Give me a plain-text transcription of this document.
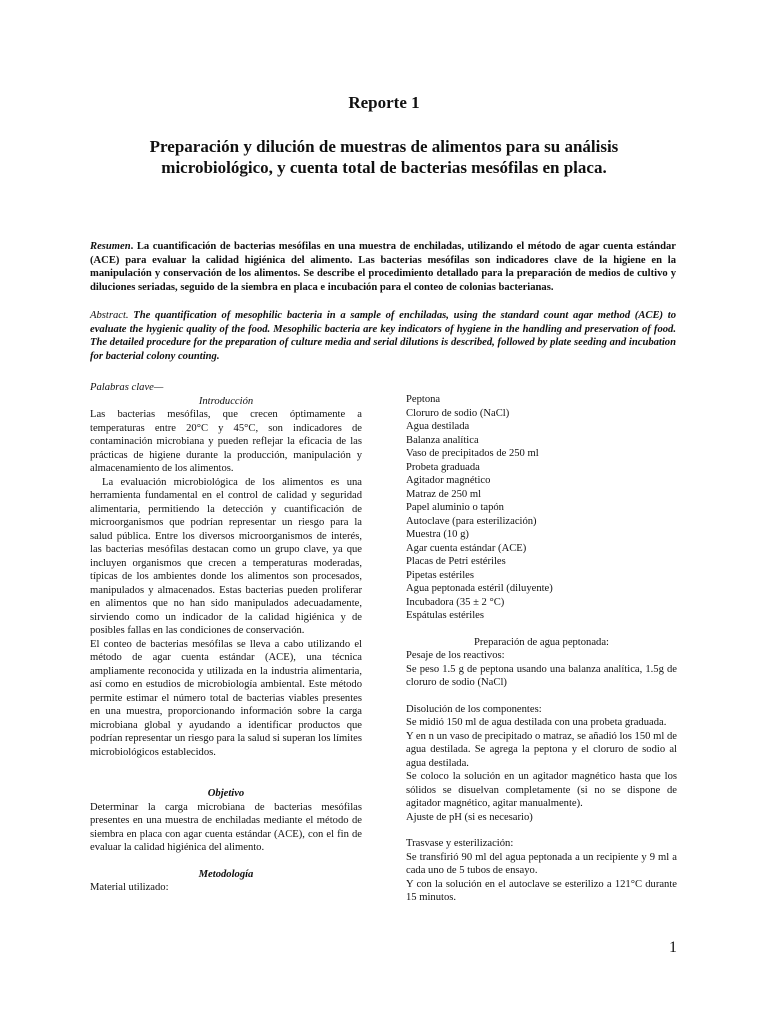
Reporte 1
Preparación y dilución de muestras de alimentos para su análisis microbiológico, y cuenta total de bacterias mesófilas en placa.

Resumen. La cuantificación de bacterias mesófilas en una muestra de enchiladas, utilizando el método de agar cuenta estándar (ACE) para evaluar la calidad higiénica del alimento. Las bacterias mesófilas son indicadores clave de la higiene en la manipulación y conservación de los alimentos. Se describe el procedimiento detallado para la preparación de medios de cultivo y diluciones seriadas, seguido de la siembra en placa e incubación para el conteo de colonias bacterianas.

Abstract. The quantification of mesophilic bacteria in a sample of enchiladas, using the standard count agar method (ACE) to evaluate the hygienic quality of the food. Mesophilic bacteria are key indicators of hygiene in the handling and preservation of food. The detailed procedure for the preparation of culture media and serial dilutions is described, followed by plate seeding and incubation for bacterial colony counting.

Palabras clave—

Introducción

Las bacterias mesófilas, que crecen óptimamente a temperaturas entre 20°C y 45°C, son indicadores de contaminación microbiana y pueden reflejar la eficacia de las prácticas de higiene durante la producción, manipulación y almacenamiento de los alimentos.

La evaluación microbiológica de los alimentos es una herramienta fundamental en el control de calidad y seguridad alimentaria, permitiendo la detección y cuantificación de microorganismos que podrían representar un riesgo para la salud pública. Entre los diversos microorganismos de interés, las bacterias mesófilas destacan como un grupo clave, ya que incluyen organismos que crecen a temperaturas moderadas, típicas de los ambientes donde los alimentos son procesados, manipulados y almacenados. Estas bacterias pueden proliferar en alimentos que no han sido manipulados adecuadamente, sirviendo como un indicador de la calidad higiénica y de posibles fallas en las condiciones de conservación.

El conteo de bacterias mesófilas se lleva a cabo utilizando el método de agar cuenta estándar (ACE), una técnica ampliamente reconocida y utilizada en la industria alimentaria, así como en estudios de microbiología ambiental. Este método permite estimar el número total de bacterias viables presentes en una muestra, proporcionando información sobre la carga microbiana global y ayudando a identificar productos que podrían representar un riesgo para la salud si superan los límites microbiológicos establecidos.

Objetivo

Determinar la carga microbiana de bacterias mesófilas presentes en una muestra de enchiladas mediante el método de siembra en placa con agar cuenta estándar (ACE), con el fin de evaluar la calidad higiénica del alimento.

Metodología

Material utilizado:

Peptona
Cloruro de sodio (NaCl)
Agua destilada
Balanza analítica
Vaso de precipitados de 250 ml
Probeta graduada
Agitador magnético
Matraz de 250 ml
Papel aluminio o tapón
Autoclave (para esterilización)
Muestra (10 g)
Agar cuenta estándar (ACE)
Placas de Petri estériles
Pipetas estériles
Agua peptonada estéril (diluyente)
Incubadora (35 ± 2 °C)
Espátulas estériles

Preparación de agua peptonada:

Pesaje de los reactivos:

Se peso 1.5 g de peptona usando una balanza analítica, 1.5g de cloruro de sodio (NaCl)

Disolución de los componentes:

Se midió 150 ml de agua destilada con una probeta graduada.

Y en n un vaso de precipitado o matraz, se añadió los 150 ml de agua destilada. Se agrega la peptona y el cloruro de sodio al agua destilada.

Se coloco la solución en un agitador magnético hasta que los sólidos se disuelvan completamente (si no se dispone de agitador magnético, agitar manualmente).

Ajuste de pH (si es necesario)

Trasvase y esterilización:

Se transfirió 90 ml del agua peptonada a un recipiente y 9 ml a cada uno de 5 tubos de ensayo.

Y con la solución en el autoclave se esterilizo a 121°C durante 15 minutos.

1
